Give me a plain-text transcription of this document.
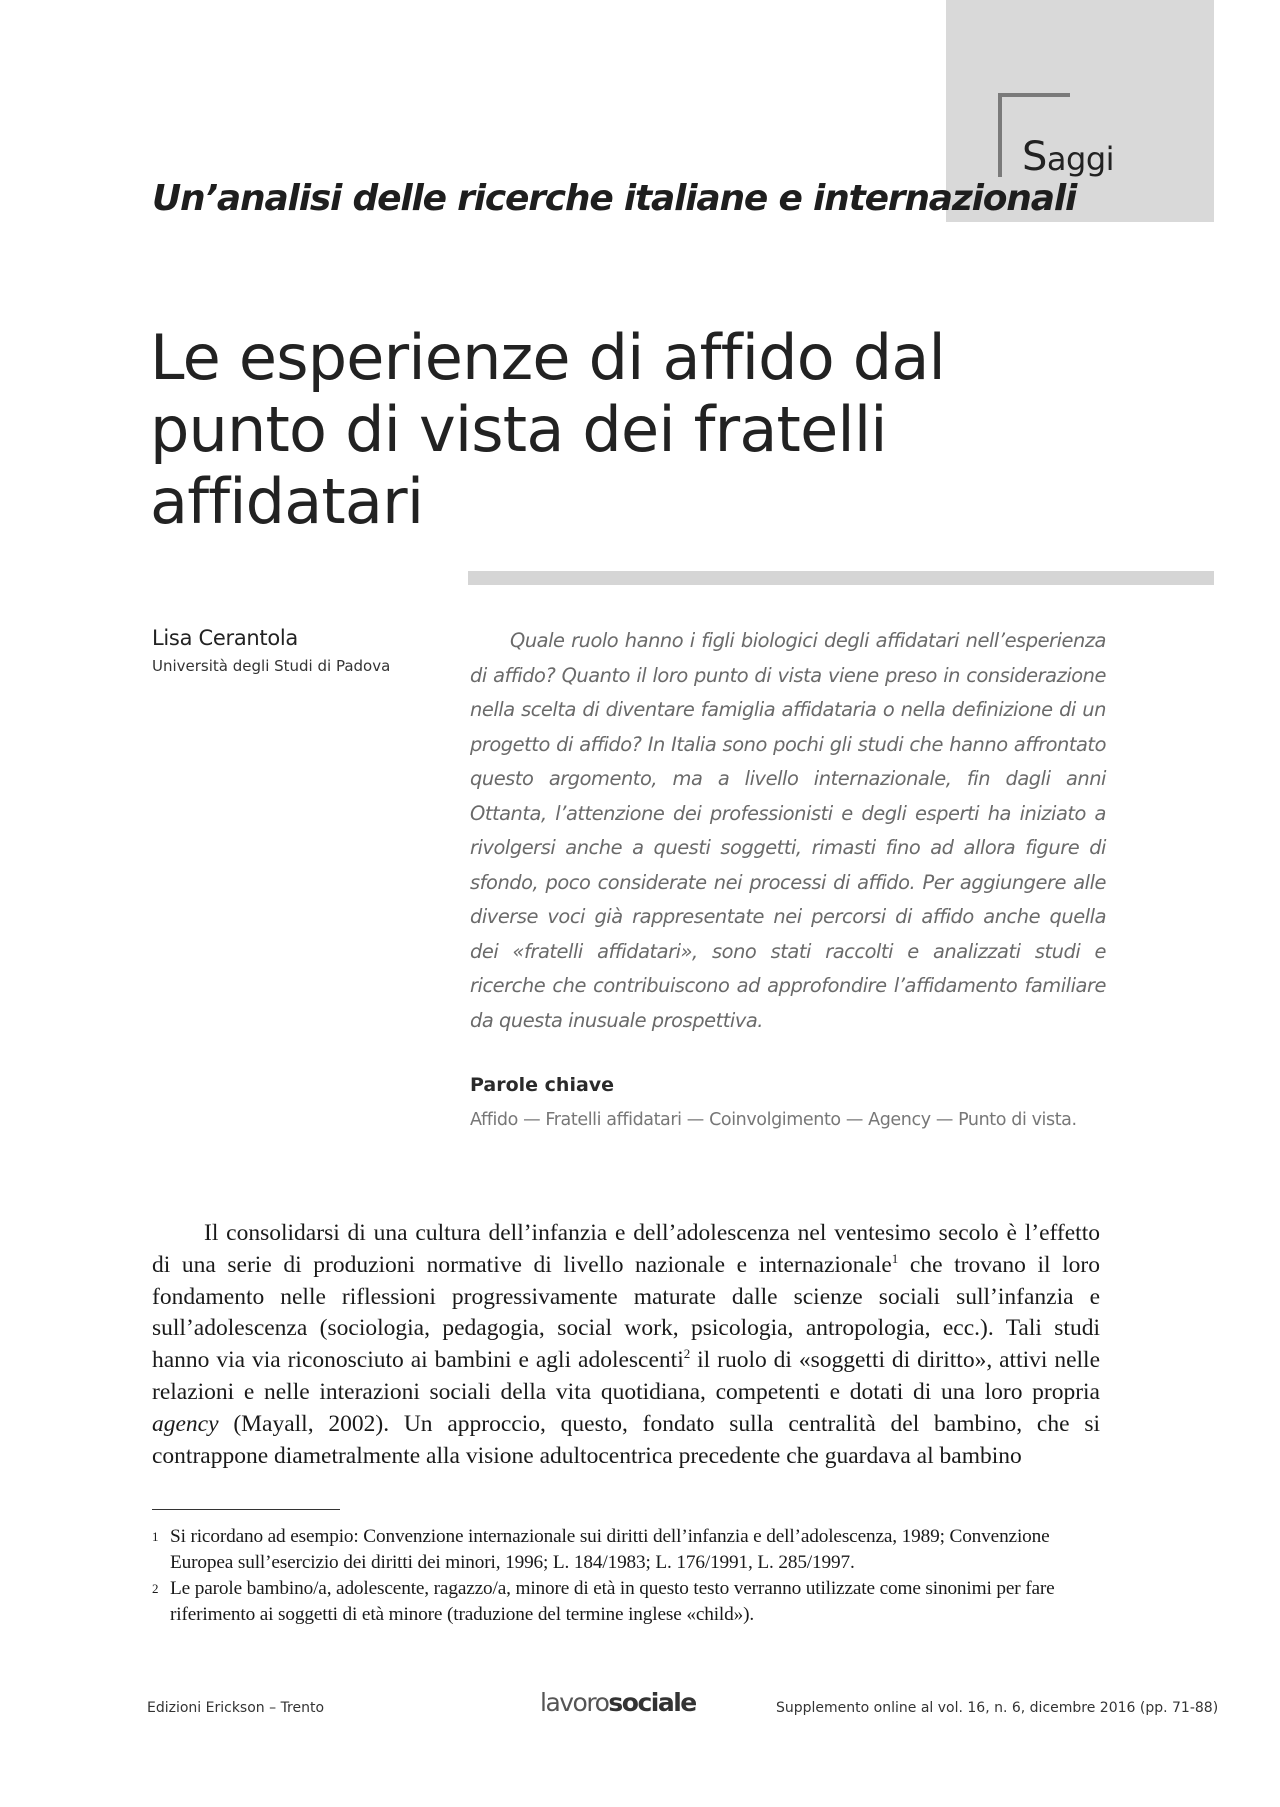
Saggi
Un’analisi delle ricerche italiane e internazionali
Le esperienze di affido dal punto di vista dei fratelli affidatari
Lisa Cerantola
Università degli Studi di Padova

Quale ruolo hanno i figli biologici degli affidatari nell’esperienza di affido? Quanto il loro punto di vista viene preso in considerazione nella scelta di diventare famiglia affidataria o nella definizione di un progetto di affido? In Italia sono pochi gli studi che hanno affrontato questo argomento, ma a livello internazionale, fin dagli anni Ottanta, l’attenzione dei professionisti e degli esperti ha iniziato a rivolgersi anche a questi soggetti, rimasti fino ad allora figure di sfondo, poco considerate nei processi di affido. Per aggiungere alle diverse voci già rappresentate nei percorsi di affido anche quella dei «fratelli affidatari», sono stati raccolti e analizzati studi e ricerche che contribuiscono ad approfondire l’affidamento familiare da questa inusuale prospettiva.

Parole chiave
Affido — Fratelli affidatari — Coinvolgimento — Agency — Punto di vista.

Il consolidarsi di una cultura dell’infanzia e dell’adolescenza nel ventesimo secolo è l’effetto di una serie di produzioni normative di livello nazionale e internazionale$^1$ che trovano il loro fondamento nelle riflessioni progressivamente maturate dalle scienze sociali sull’infanzia e sull’adolescenza (sociologia, pedagogia, social work, psicologia, antropologia, ecc.). Tali studi hanno via via riconosciuto ai bambini e agli adolescenti$^2$ il ruolo di «soggetti di diritto», attivi nelle relazioni e nelle interazioni sociali della vita quotidiana, competenti e dotati di una loro propria agency (Mayall, 2002). Un approccio, questo, fondato sulla centralità del bambino, che si contrappone diametralmente alla visione adultocentrica precedente che guardava al bambino

1 Si ricordano ad esempio: Convenzione internazionale sui diritti dell’infanzia e dell’adolescenza, 1989; Convenzione Europea sull’esercizio dei diritti dei minori, 1996; L. 184/1983; L. 176/1991, L. 285/1997.
2 Le parole bambino/a, adolescente, ragazzo/a, minore di età in questo testo verranno utilizzate come sinonimi per fare riferimento ai soggetti di età minore (traduzione del termine inglese «child»).
Edizioni Erickson – Trento	lavorosociale	Supplemento online al vol. 16, n. 6, dicembre 2016 (pp. 71-88)
